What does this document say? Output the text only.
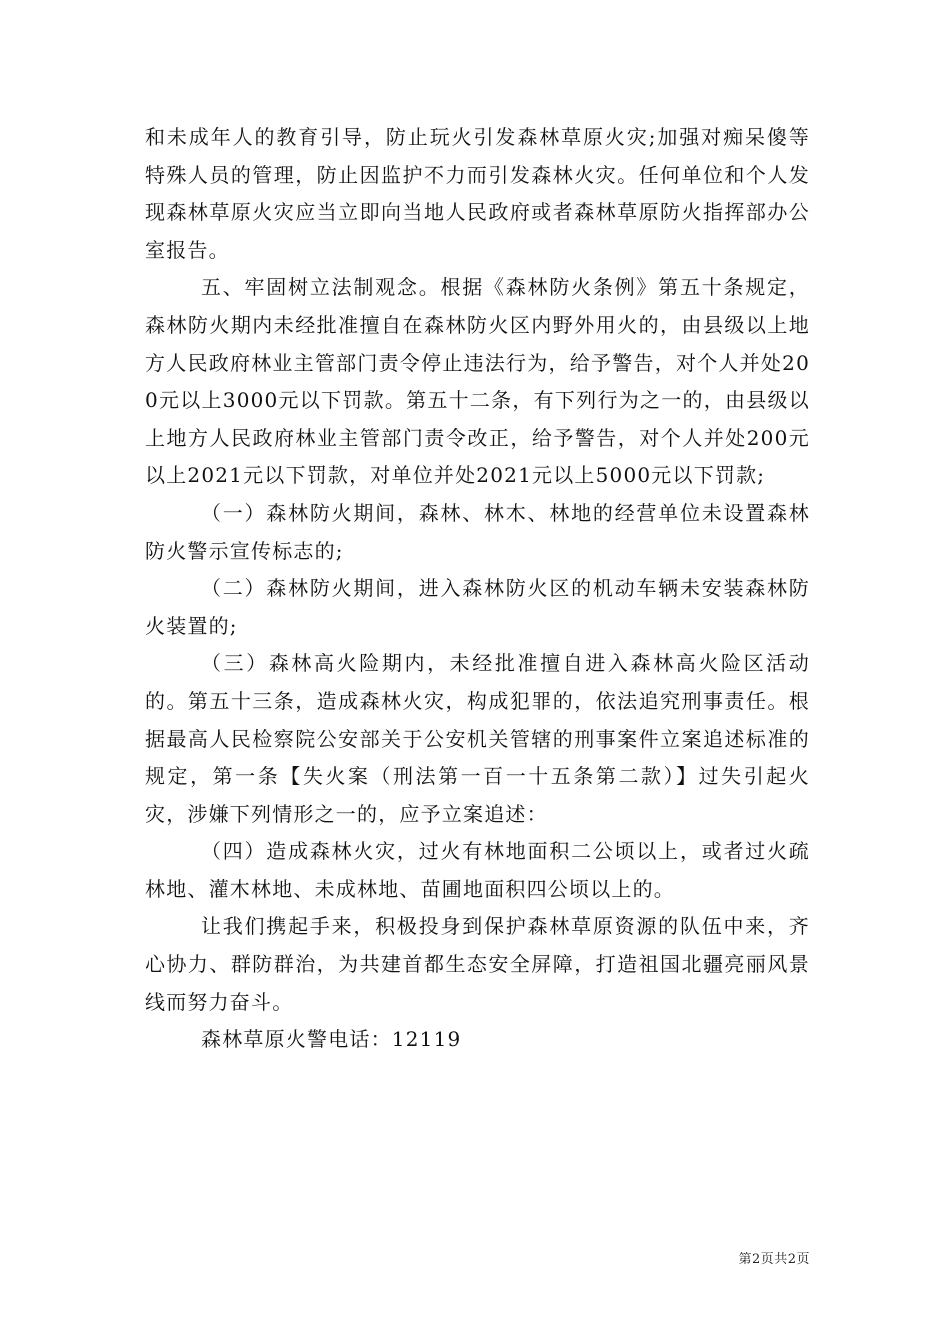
和未成年人的教育引导，防止玩火引发森林草原火灾;加强对痴呆傻等特殊人员的管理，防止因监护不力而引发森林火灾。任何单位和个人发现森林草原火灾应当立即向当地人民政府或者森林草原防火指挥部办公室报告。

五、牢固树立法制观念。根据《森林防火条例》第五十条规定，森林防火期内未经批准擅自在森林防火区内野外用火的，由县级以上地方人民政府林业主管部门责令停止违法行为，给予警告，对个人并处200元以上3000元以下罚款。第五十二条，有下列行为之一的，由县级以上地方人民政府林业主管部门责令改正，给予警告，对个人并处200元以上2021元以下罚款，对单位并处2021元以上5000元以下罚款;

（一）森林防火期间，森林、林木、林地的经营单位未设置森林防火警示宣传标志的;

（二）森林防火期间，进入森林防火区的机动车辆未安装森林防火装置的;

（三）森林高火险期内，未经批准擅自进入森林高火险区活动的。第五十三条，造成森林火灾，构成犯罪的，依法追究刑事责任。根据最高人民检察院公安部关于公安机关管辖的刑事案件立案追述标准的规定，第一条【失火案（刑法第一百一十五条第二款）】过失引起火灾，涉嫌下列情形之一的，应予立案追述：

（四）造成森林火灾，过火有林地面积二公顷以上，或者过火疏林地、灌木林地、未成林地、苗圃地面积四公顷以上的。

让我们携起手来，积极投身到保护森林草原资源的队伍中来，齐心协力、群防群治，为共建首都生态安全屏障，打造祖国北疆亮丽风景线而努力奋斗。

森林草原火警电话：12119

第2页共2页
